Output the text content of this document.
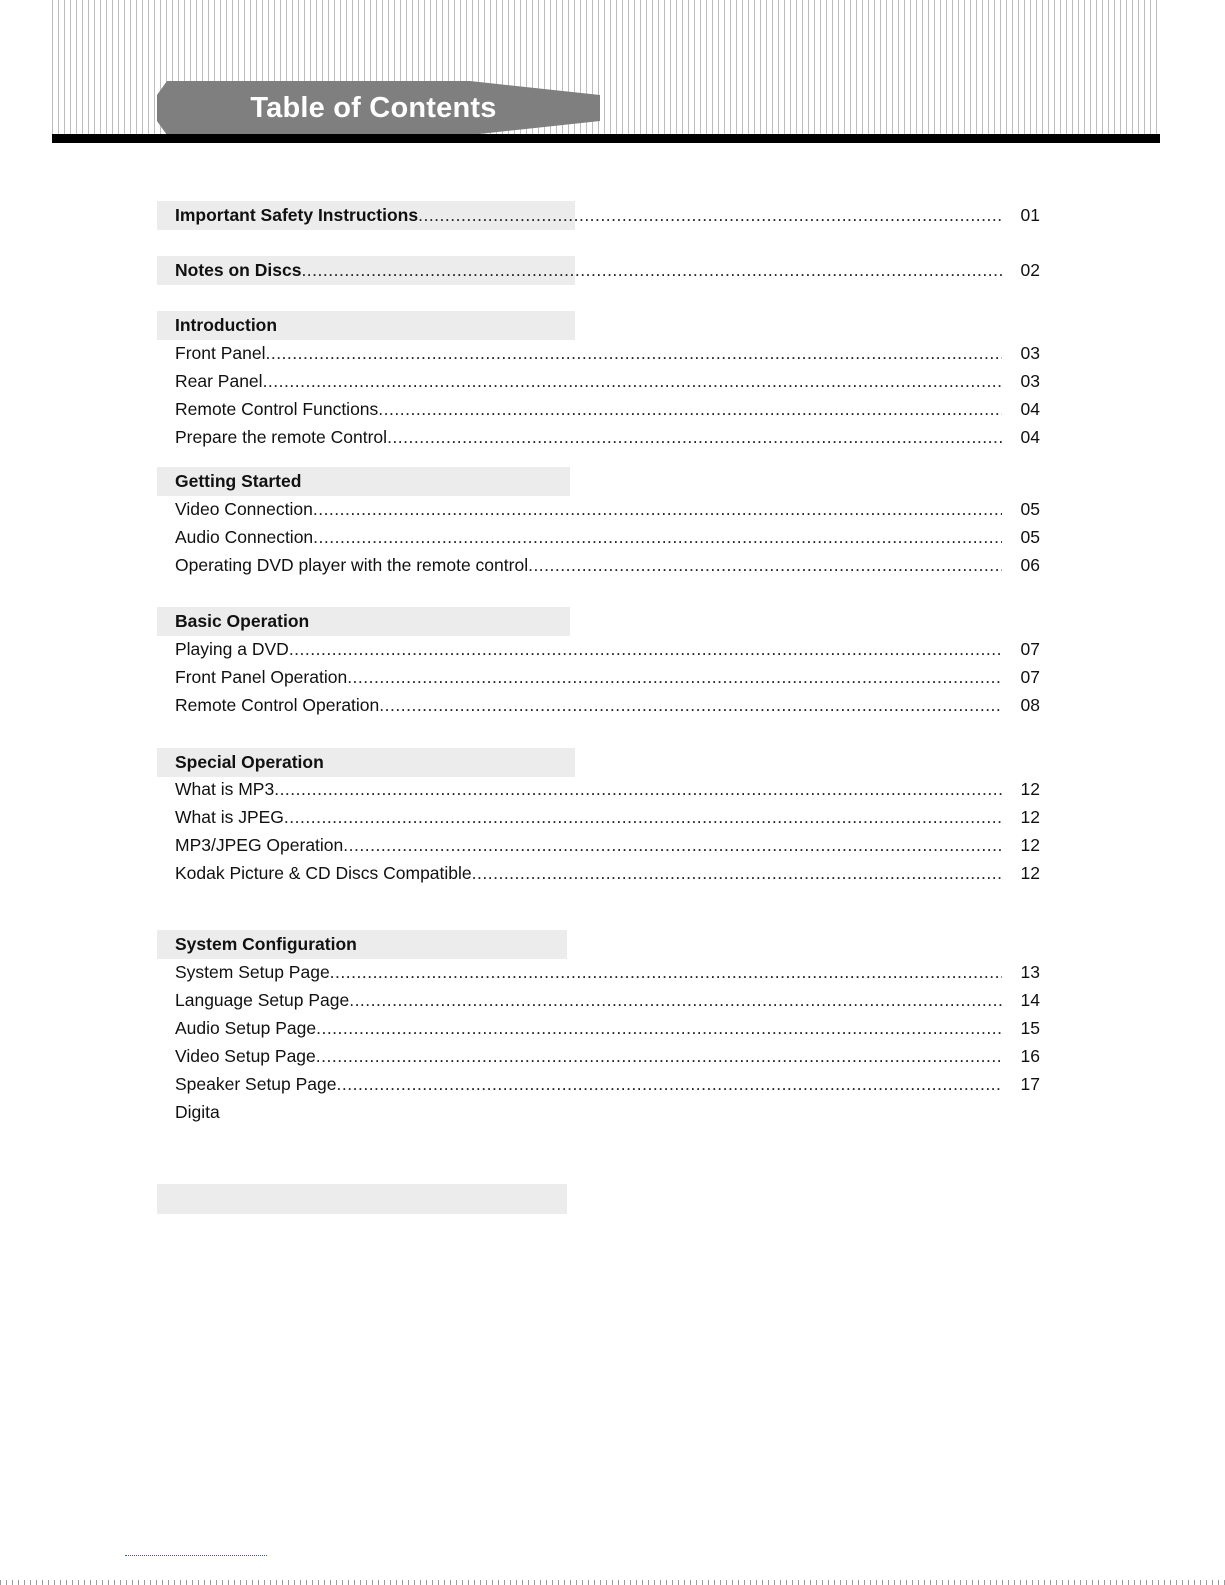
Table of Contents
Important Safety Instructions .....	01
Notes on Discs .....	02
Introduction
Front Panel .....	03
Rear Panel .....	03
Remote Control Functions .....	04
Prepare the remote Control .....	04
Getting Started
Video Connection .....	05
Audio Connection .....	05
Operating DVD player with the remote control .....	06
Basic Operation
Playing a DVD .....	07
Front Panel Operation .....	07
Remote Control Operation .....	08
Special Operation
What is MP3 .....	12
What is JPEG .....	12
MP3/JPEG Operation .....	12
Kodak Picture & CD Discs Compatible .....	12
System Configuration
System Setup Page .....	13
Language Setup Page .....	14
Audio Setup Page .....	15
Video Setup Page .....	16
Speaker Setup Page .....	17
Digita
